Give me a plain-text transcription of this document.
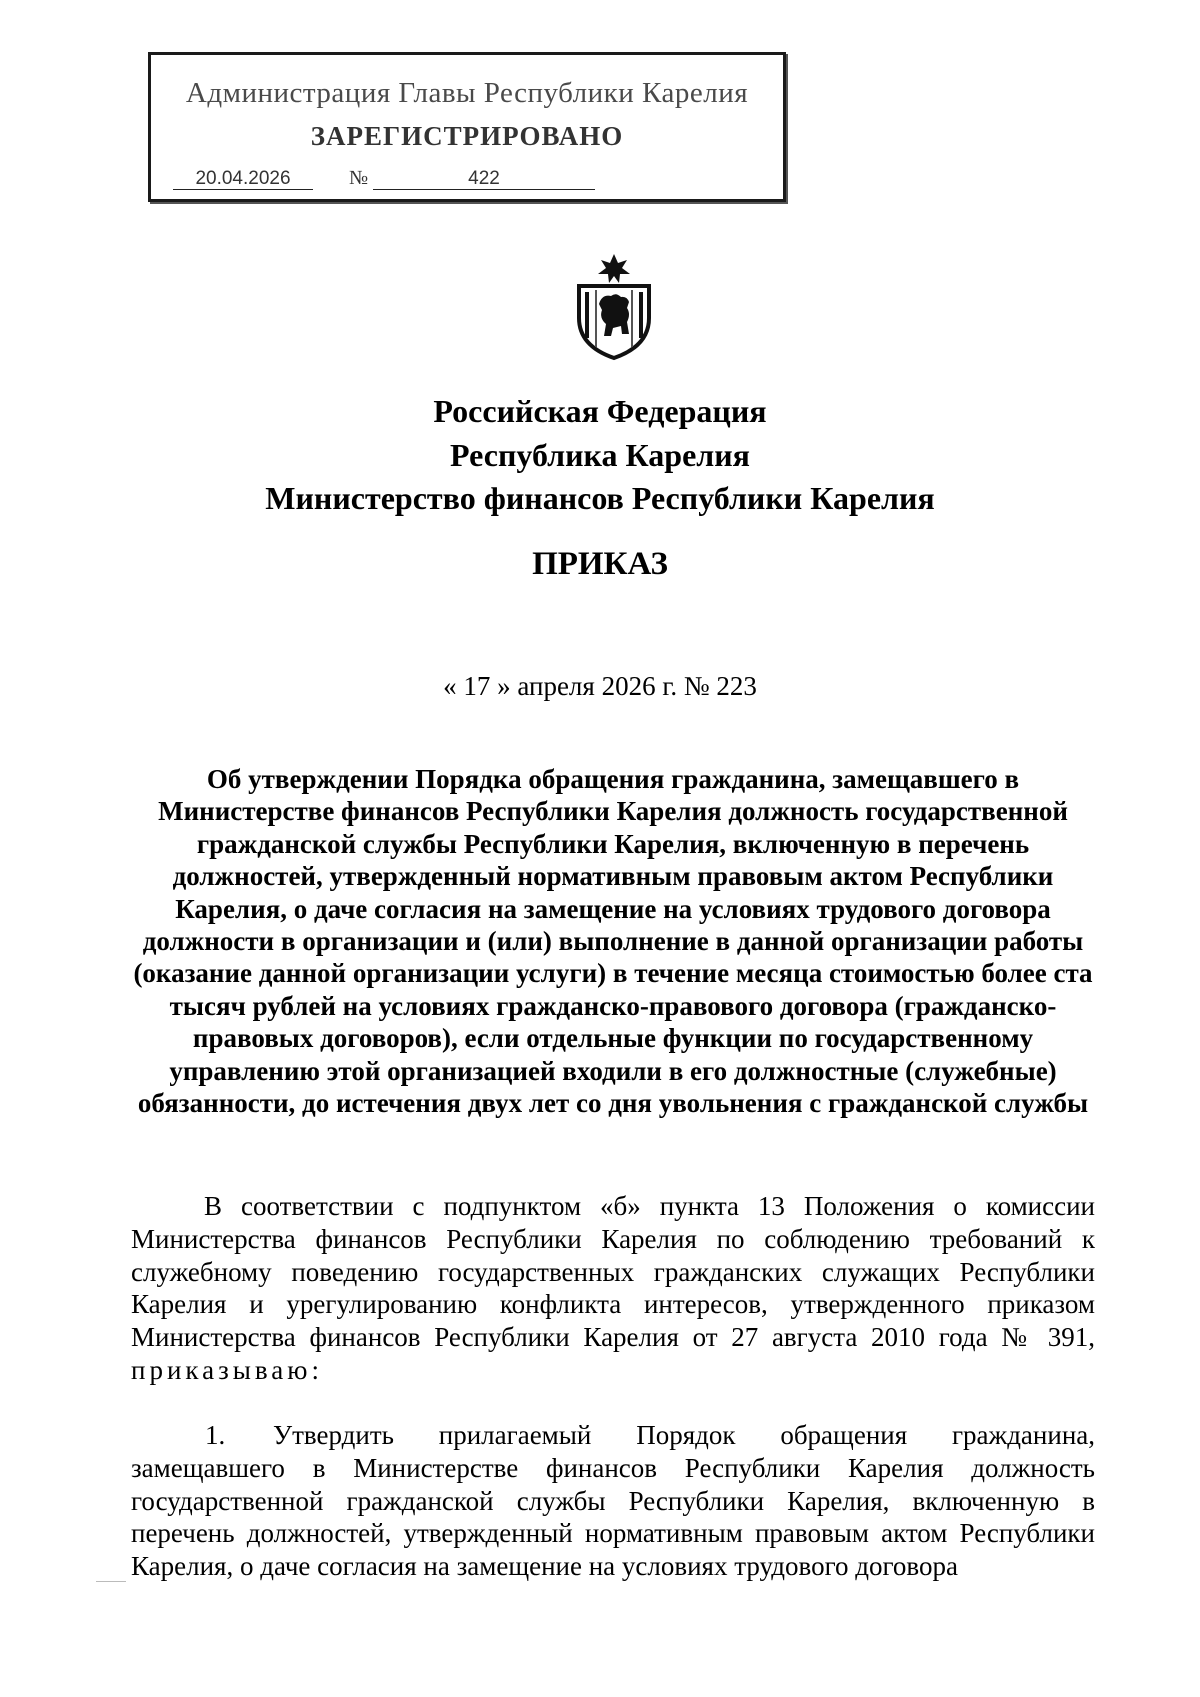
Администрация Главы Республики Карелия
ЗАРЕГИСТРИРОВАНО
20.04.2026	№	422
Российская Федерация
Республика Карелия
Министерство финансов Республики Карелия
ПРИКАЗ
« 17 » апреля 2026 г. № 223
Об утверждении Порядка обращения гражданина, замещавшего в Министерстве финансов Республики Карелия должность государственной гражданской службы Республики Карелия, включенную в перечень должностей, утвержденный нормативным правовым актом Республики Карелия, о даче согласия на замещение на условиях трудового договора должности в организации и (или) выполнение в данной организации работы (оказание данной организации услуги) в течение месяца стоимостью более ста тысяч рублей на условиях гражданско-правового договора (гражданско-правовых договоров), если отдельные функции по государственному управлению этой организацией входили в его должностные (служебные) обязанности, до истечения двух лет со дня увольнения с гражданской службы
В соответствии с подпунктом «б» пункта 13 Положения о комиссии Министерства финансов Республики Карелия по соблюдению требований к служебному поведению государственных гражданских служащих Республики Карелия и урегулированию конфликта интересов, утвержденного приказом Министерства финансов Республики Карелия от 27 августа 2010 года № 391, приказываю:
1. Утвердить прилагаемый Порядок обращения гражданина, замещавшего в Министерстве финансов Республики Карелия должность государственной гражданской службы Республики Карелия, включенную в перечень должностей, утвержденный нормативным правовым актом Республики Карелия, о даче согласия на замещение на условиях трудового договора
